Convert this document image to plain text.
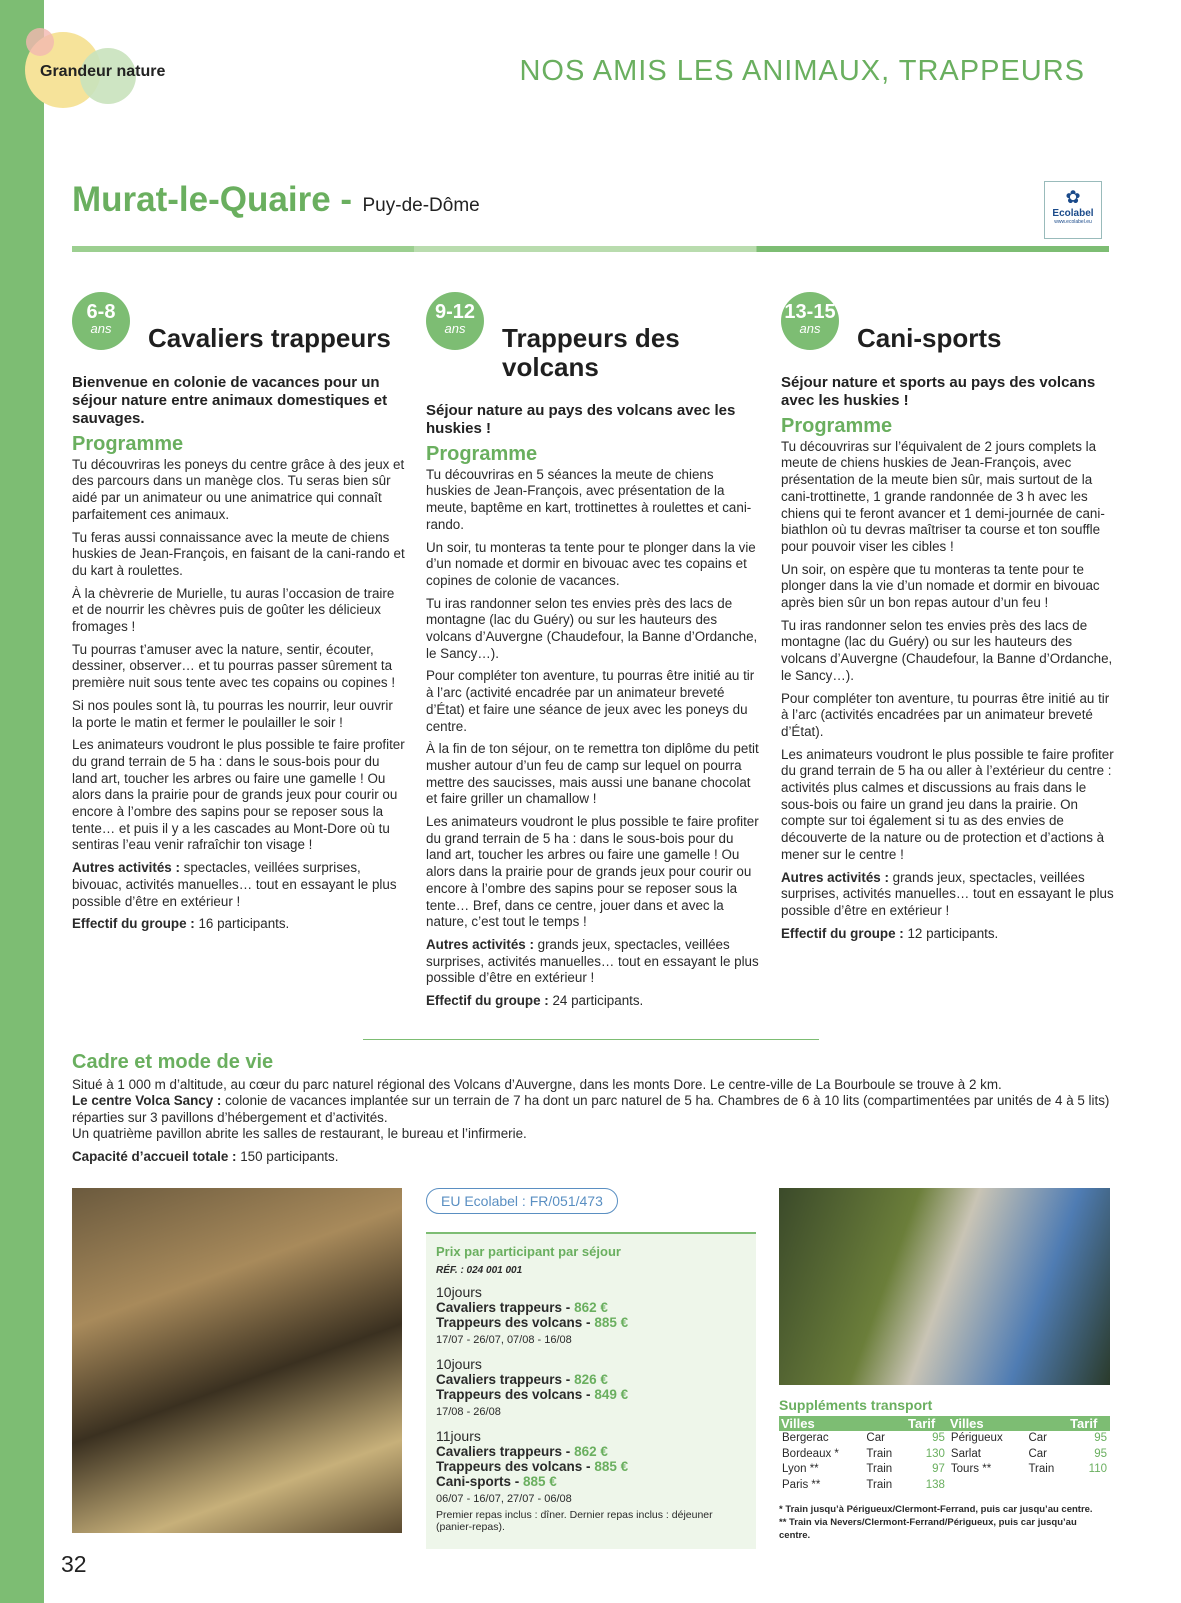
Grandeur nature	NOS AMIS LES ANIMAUX, TRAPPEURS
Murat-le-Quaire - Puy-de-Dôme	✿
Ecolabel
www.ecolabel.eu
6-8
ans	Cavaliers trappeurs

Bienvenue en colonie de vacances pour un séjour nature entre animaux domestiques et sauvages.

Programme

Tu découvriras les poneys du centre grâce à des jeux et des parcours dans un manège clos. Tu seras bien sûr aidé par un animateur ou une animatrice qui connaît parfaitement ces animaux.

Tu feras aussi connaissance avec la meute de chiens huskies de Jean-François, en faisant de la cani-rando et du kart à roulettes.

À la chèvrerie de Murielle, tu auras l’occasion de traire et de nourrir les chèvres puis de goûter les délicieux fromages !

Tu pourras t’amuser avec la nature, sentir, écouter, dessiner, observer… et tu pourras passer sûrement ta première nuit sous tente avec tes copains ou copines !

Si nos poules sont là, tu pourras les nourrir, leur ouvrir la porte le matin et fermer le poulailler le soir !

Les animateurs voudront le plus possible te faire profiter du grand terrain de 5 ha : dans le sous-bois pour du land art, toucher les arbres ou faire une gamelle ! Ou alors dans la prairie pour de grands jeux pour courir ou encore à l’ombre des sapins pour se reposer sous la tente… et puis il y a les cascades au Mont-Dore où tu sentiras l’eau venir rafraîchir ton visage !

Autres activités : spectacles, veillées surprises, bivouac, activités manuelles… tout en essayant le plus possible d’être en extérieur !

Effectif du groupe : 16 participants.

9-12
ans	Trappeurs des volcans

Séjour nature au pays des volcans avec les huskies !

Programme

Tu découvriras en 5 séances la meute de chiens huskies de Jean-François, avec présentation de la meute, baptême en kart, trottinettes à roulettes et cani-rando.

Un soir, tu monteras ta tente pour te plonger dans la vie d’un nomade et dormir en bivouac avec tes copains et copines de colonie de vacances.

Tu iras randonner selon tes envies près des lacs de montagne (lac du Guéry) ou sur les hauteurs des volcans d’Auvergne (Chaudefour, la Banne d’Ordanche, le Sancy…).

Pour compléter ton aventure, tu pourras être initié au tir à l’arc (activité encadrée par un animateur breveté d’État) et faire une séance de jeux avec les poneys du centre.

À la fin de ton séjour, on te remettra ton diplôme du petit musher autour d’un feu de camp sur lequel on pourra mettre des saucisses, mais aussi une banane chocolat et faire griller un chamallow !

Les animateurs voudront le plus possible te faire profiter du grand terrain de 5 ha : dans le sous-bois pour du land art, toucher les arbres ou faire une gamelle ! Ou alors dans la prairie pour de grands jeux pour courir ou encore à l’ombre des sapins pour se reposer sous la tente… Bref, dans ce centre, jouer dans et avec la nature, c’est tout le temps !

Autres activités : grands jeux, spectacles, veillées surprises, activités manuelles… tout en essayant le plus possible d’être en extérieur !

Effectif du groupe : 24 participants.

13-15
ans	Cani-sports

Séjour nature et sports au pays des volcans avec les huskies !

Programme

Tu découvriras sur l’équivalent de 2 jours complets la meute de chiens huskies de Jean-François, avec présentation de la meute bien sûr, mais surtout de la cani-trottinette, 1 grande randonnée de 3 h avec les chiens qui te feront avancer et 1 demi-journée de cani-biathlon où tu devras maîtriser ta course et ton souffle pour pouvoir viser les cibles !

Un soir, on espère que tu monteras ta tente pour te plonger dans la vie d’un nomade et dormir en bivouac après bien sûr un bon repas autour d’un feu !

Tu iras randonner selon tes envies près des lacs de montagne (lac du Guéry) ou sur les hauteurs des volcans d’Auvergne (Chaudefour, la Banne d’Ordanche, le Sancy…).

Pour compléter ton aventure, tu pourras être initié au tir à l’arc (activités encadrées par un animateur breveté d’État).

Les animateurs voudront le plus possible te faire profiter du grand terrain de 5 ha ou aller à l’extérieur du centre : activités plus calmes et discussions au frais dans le sous-bois ou faire un grand jeu dans la prairie. On compte sur toi également si tu as des envies de découverte de la nature ou de protection et d’actions à mener sur le centre !

Autres activités : grands jeux, spectacles, veillées surprises, activités manuelles… tout en essayant le plus possible d’être en extérieur !

Effectif du groupe : 12 participants.

Cadre et mode de vie
Situé à 1 000 m d’altitude, au cœur du parc naturel régional des Volcans d’Auvergne, dans les monts Dore. Le centre-ville de La Bourboule se trouve à 2 km.
Le centre Volca Sancy : colonie de vacances implantée sur un terrain de 7 ha dont un parc naturel de 5 ha. Chambres de 6 à 10 lits (compartimentées par unités de 4 à 5 lits) réparties sur 3 pavillons d’hébergement et d’activités.
Un quatrième pavillon abrite les salles de restaurant, le bureau et l’infirmerie.
Capacité d’accueil totale : 150 participants.
EU Ecolabel : FR/051/473
Prix par participant par séjour
RÉF. : 024 001 001
10jours
Cavaliers trappeurs - 862 €
Trappeurs des volcans - 885 €
17/07 - 26/07, 07/08 - 16/08
10jours
Cavaliers trappeurs - 826 €
Trappeurs des volcans - 849 €
17/08 - 26/08
11jours
Cavaliers trappeurs - 862 €
Trappeurs des volcans - 885 €
Cani-sports - 885 €
06/07 - 16/07, 27/07 - 06/08
Premier repas inclus : dîner. Dernier repas inclus : déjeuner (panier-repas).
Suppléments transport
Villes		Tarif	Villes		Tarif
Bergerac	Car	95	Périgueux	Car	95
Bordeaux *	Train	130	Sarlat	Car	95
Lyon **	Train	97	Tours **	Train	110
Paris **	Train	138			
* Train jusqu’à Périgueux/Clermont-Ferrand, puis car jusqu’au centre.
** Train via Nevers/Clermont-Ferrand/Périgueux, puis car jusqu’au centre.
32
